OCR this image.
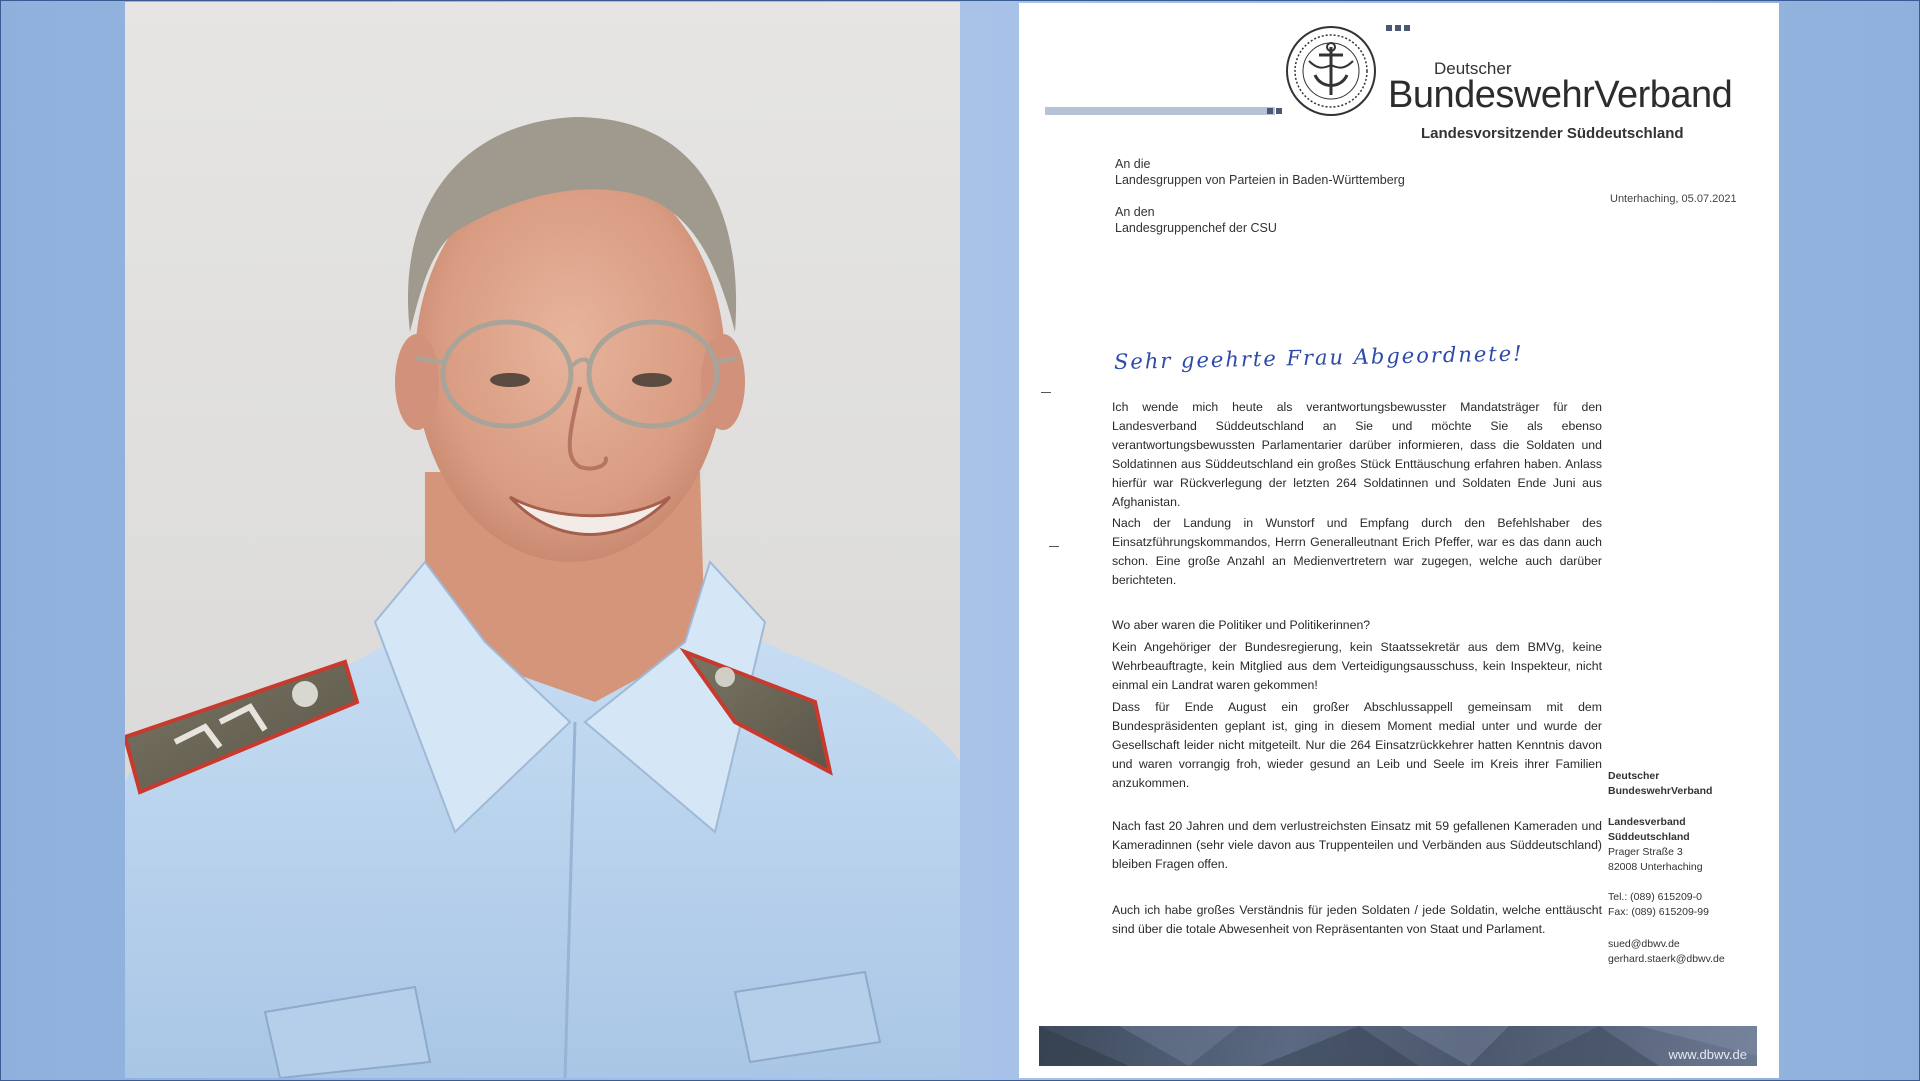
Deutscher
BundeswehrVerband
Landesvorsitzender Süddeutschland
An die
Landesgruppen von Parteien in Baden-Württemberg
An den
Landesgruppenchef der CSU
Unterhaching, 05.07.2021
Sehr geehrte Frau Abgeordnete!
Ich wende mich heute als verantwortungsbewusster Mandatsträger für den Landesverband Süddeutschland an Sie und möchte Sie als ebenso verantwortungsbewussten Parlamentarier darüber informieren, dass die Soldaten und Soldatinnen aus Süddeutschland ein großes Stück Enttäuschung erfahren haben. Anlass hierfür war Rückverlegung der letzten 264 Soldatinnen und Soldaten Ende Juni aus Afghanistan.
Nach der Landung in Wunstorf und Empfang durch den Befehlshaber des Einsatzführungskommandos, Herrn Generalleutnant Erich Pfeffer, war es das dann auch schon. Eine große Anzahl an Medienvertretern war zugegen, welche auch darüber berichteten.
Wo aber waren die Politiker und Politikerinnen?
Kein Angehöriger der Bundesregierung, kein Staatssekretär aus dem BMVg, keine Wehrbeauftragte, kein Mitglied aus dem Verteidigungsausschuss, kein Inspekteur, nicht einmal ein Landrat waren gekommen!
Dass für Ende August ein großer Abschlussappell gemeinsam mit dem Bundespräsidenten geplant ist, ging in diesem Moment medial unter und wurde der Gesellschaft leider nicht mitgeteilt. Nur die 264 Einsatzrückkehrer hatten Kenntnis davon und waren vorrangig froh, wieder gesund an Leib und Seele im Kreis ihrer Familien anzukommen.
Nach fast 20 Jahren und dem verlustreichsten Einsatz mit 59 gefallenen Kameraden und Kameradinnen (sehr viele davon aus Truppenteilen und Verbänden aus Süddeutschland) bleiben Fragen offen.
Auch ich habe großes Verständnis für jeden Soldaten / jede Soldatin, welche enttäuscht sind über die totale Abwesenheit von Repräsentanten von Staat und Parlament.
Deutscher
BundeswehrVerband
Landesverband
Süddeutschland
Prager Straße 3
82008 Unterhaching
Tel.: (089) 615209-0
Fax: (089) 615209-99
sued@dbwv.de
gerhard.staerk@dbwv.de
www.dbwv.de
